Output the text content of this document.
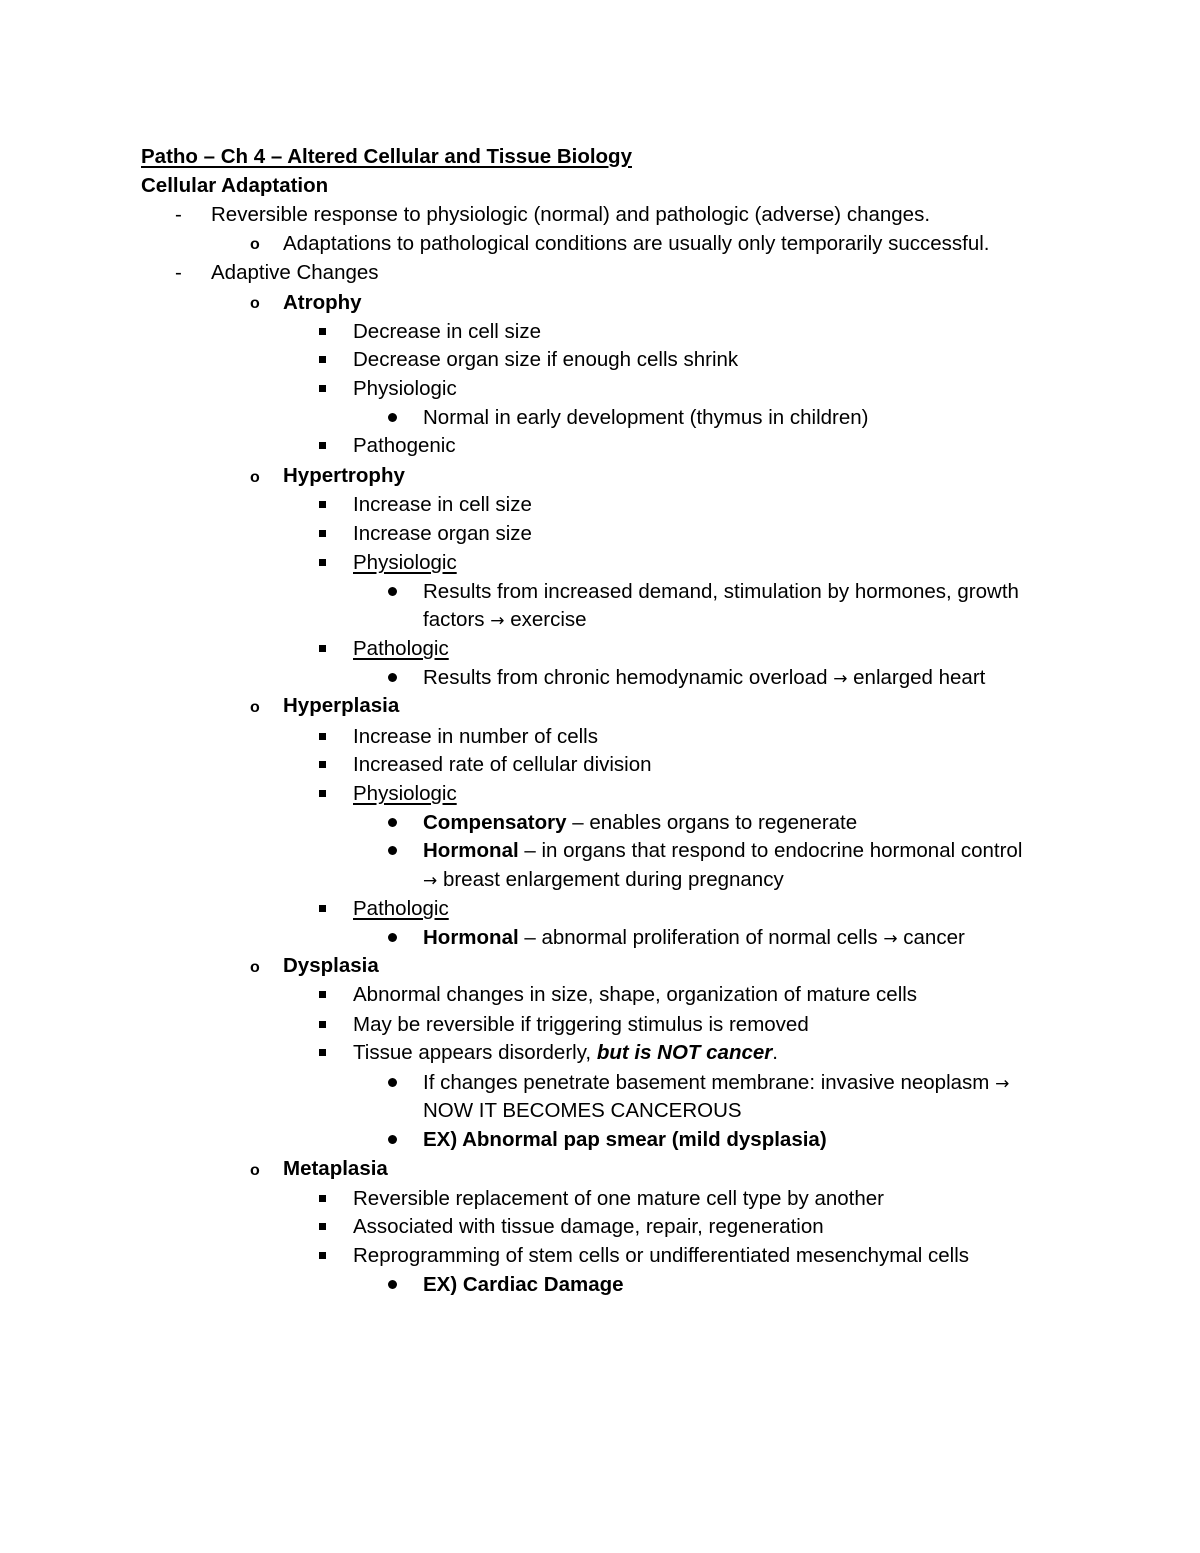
Patho – Ch 4 – Altered Cellular and Tissue Biology
Cellular Adaptation
- Reversible response to physiologic (normal) and pathologic (adverse) changes.
o Adaptations to pathological conditions are usually only temporarily successful.
- Adaptive Changes
o Atrophy
Decrease in cell size
Decrease organ size if enough cells shrink
Physiologic
Normal in early development (thymus in children)
Pathogenic
o Hypertrophy
Increase in cell size
Increase organ size
Physiologic
Results from increased demand, stimulation by hormones, growth
factors → exercise
Pathologic
Results from chronic hemodynamic overload → enlarged heart
o Hyperplasia
Increase in number of cells
Increased rate of cellular division
Physiologic
Compensatory – enables organs to regenerate
Hormonal – in organs that respond to endocrine hormonal control
→ breast enlargement during pregnancy
Pathologic
Hormonal – abnormal proliferation of normal cells → cancer
o Dysplasia
Abnormal changes in size, shape, organization of mature cells
May be reversible if triggering stimulus is removed
Tissue appears disorderly, but is NOT cancer.
If changes penetrate basement membrane: invasive neoplasm →
NOW IT BECOMES CANCEROUS
EX) Abnormal pap smear (mild dysplasia)
o Metaplasia
Reversible replacement of one mature cell type by another
Associated with tissue damage, repair, regeneration
Reprogramming of stem cells or undifferentiated mesenchymal cells
EX) Cardiac Damage
